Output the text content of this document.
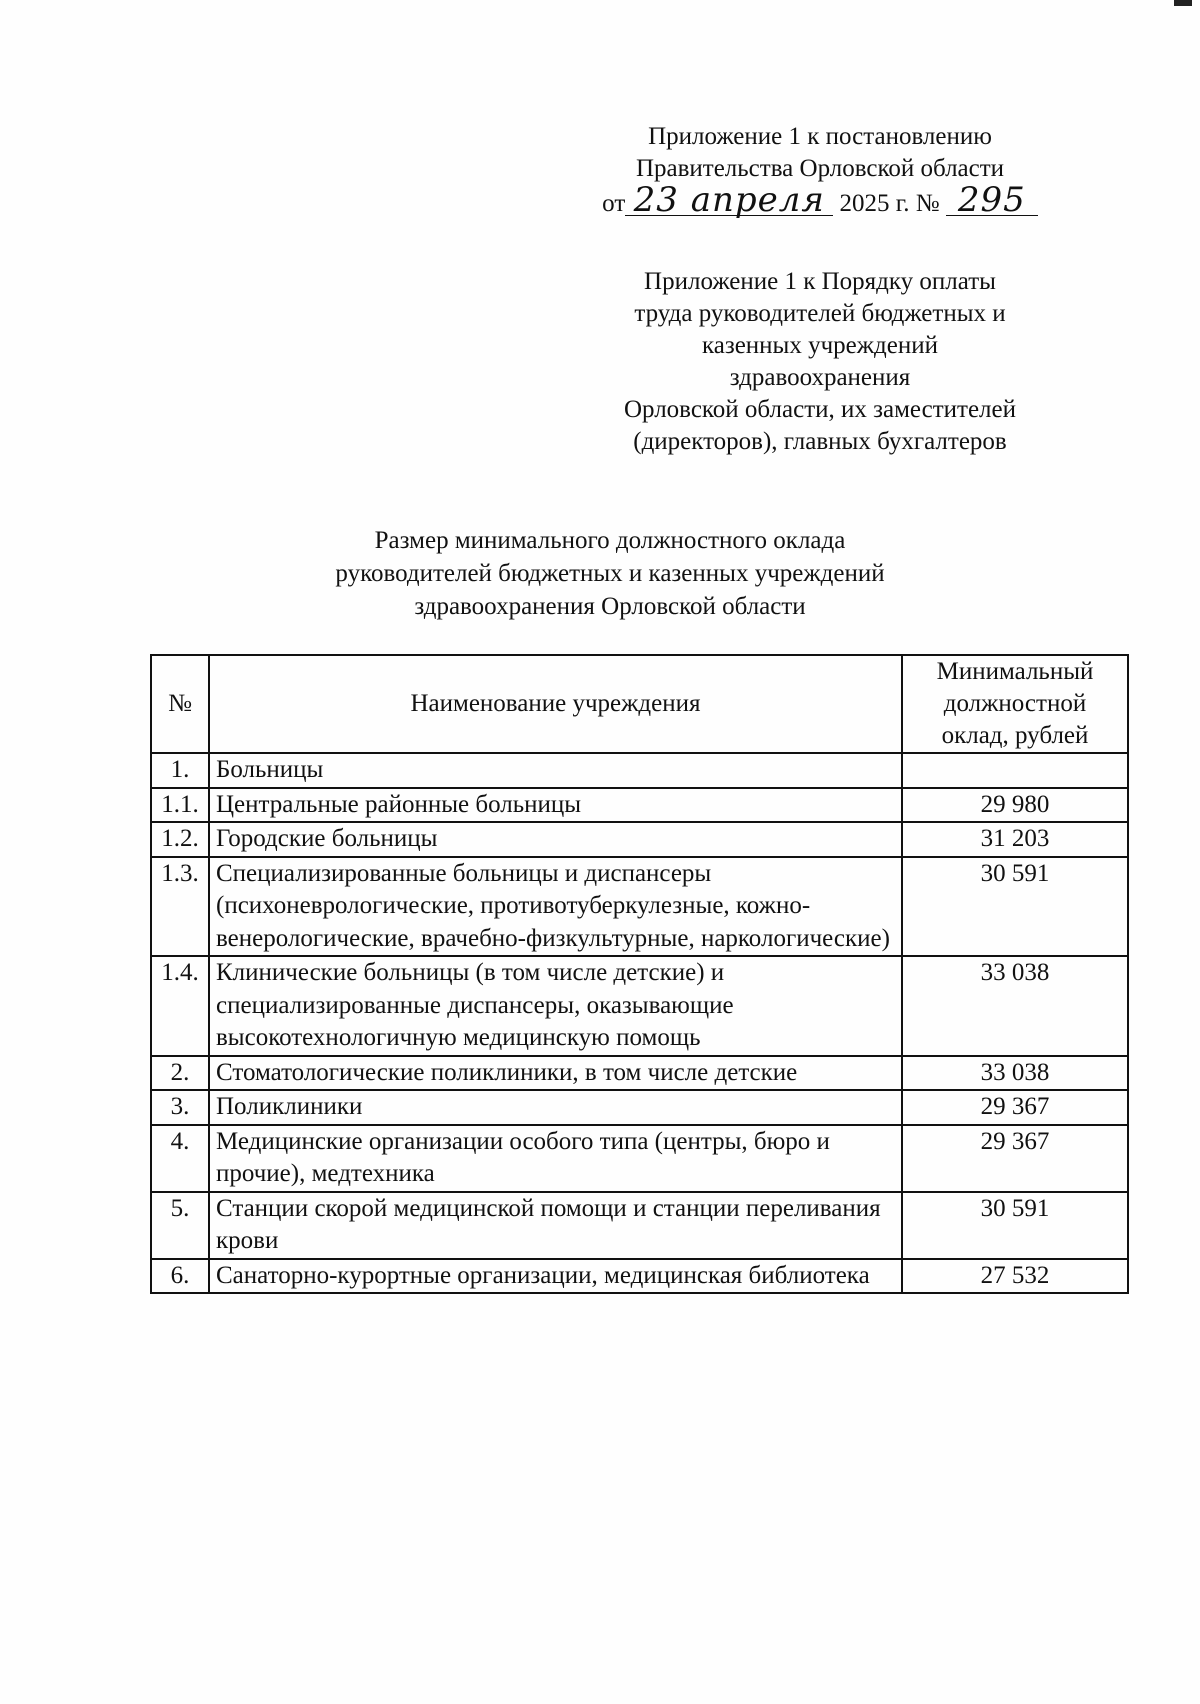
Приложение 1 к постановлению
Правительства Орловской области
от 23 апреля 2025 г. № 295
Приложение 1 к Порядку оплаты
труда руководителей бюджетных и
казенных учреждений
здравоохранения
Орловской области, их заместителей
(директоров), главных бухгалтеров
Размер минимального должностного оклада
руководителей бюджетных и казенных учреждений
здравоохранения Орловской области
№	Наименование учреждения	Минимальный должностной оклад, рублей
1.	Больницы	
1.1.	Центральные районные больницы	29 980
1.2.	Городские больницы	31 203
1.3.	Специализированные больницы и диспансеры (психоневрологические, противотуберкулезные, кожно-венерологические, врачебно-физкультурные, наркологические)	30 591
1.4.	Клинические больницы (в том числе детские) и специализированные диспансеры, оказывающие высокотехнологичную медицинскую помощь	33 038
2.	Стоматологические поликлиники, в том числе детские	33 038
3.	Поликлиники	29 367
4.	Медицинские организации особого типа (центры, бюро и прочие), медтехника	29 367
5.	Станции скорой медицинской помощи и станции переливания крови	30 591
6.	Санаторно-курортные организации, медицинская библиотека	27 532
